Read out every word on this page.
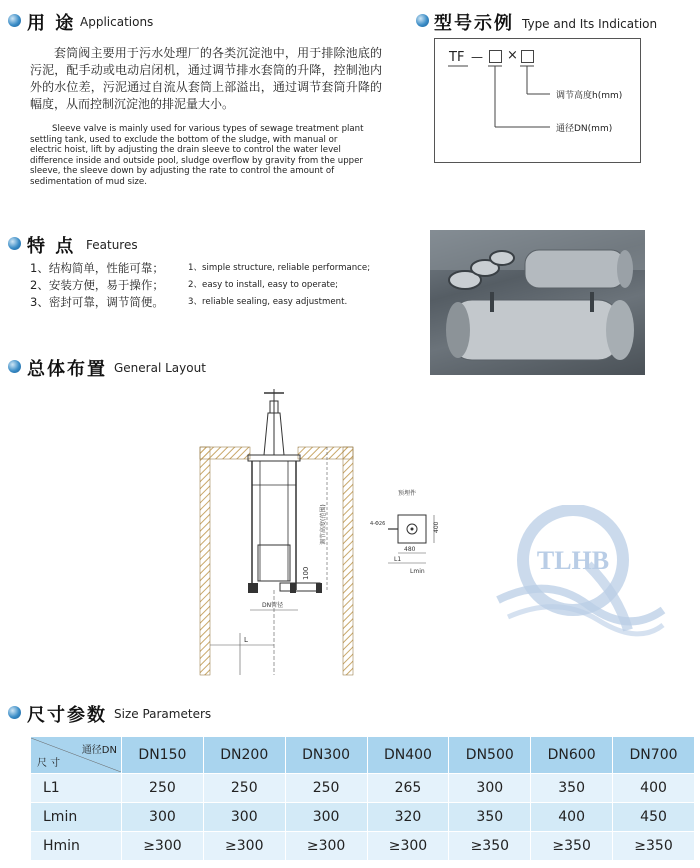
用 途 Applications
套筒阀主要用于污水处理厂的各类沉淀池中，用于排除池底的污泥，配手动或电动启闭机，通过调节排水套筒的升降，控制池内外的水位差，污泥通过自流从套筒上部溢出，通过调节套筒升降的幅度，从而控制沉淀池的排泥量大小。
Sleeve valve is mainly used for various types of sewage treatment plant settling tank, used to exclude the bottom of the sludge, with manual or electric hoist, lift by adjusting the drain sleeve to control the water level difference inside and outside pool, sludge overflow by gravity from the upper sleeve, the sleeve down by adjusting the rate to control the amount of sedimentation of mud size.
型号示例 Type and Its Indication
TF — ×
调节高度h(mm)
通径DN(mm)
特 点 Features
1、结构简单，性能可靠；	1、simple structure, reliable performance;
2、安装方便，易于操作；	2、easy to install, easy to operate;
3、密封可靠，调节简便。	3、reliable sealing, easy adjustment.
总体布置 General Layout
100
调节高度(范围)
DN管径
L
预埋件
4-Φ26
480
L1
400
Lmin	TLHB
尺寸参数 Size Parameters
通径DN
尺 寸	DN150	DN200	DN300	DN400	DN500	DN600	DN700
L1	250	250	250	265	300	350	400
Lmin	300	300	300	320	350	400	450
Hmin	≥300	≥300	≥300	≥300	≥350	≥350	≥350
